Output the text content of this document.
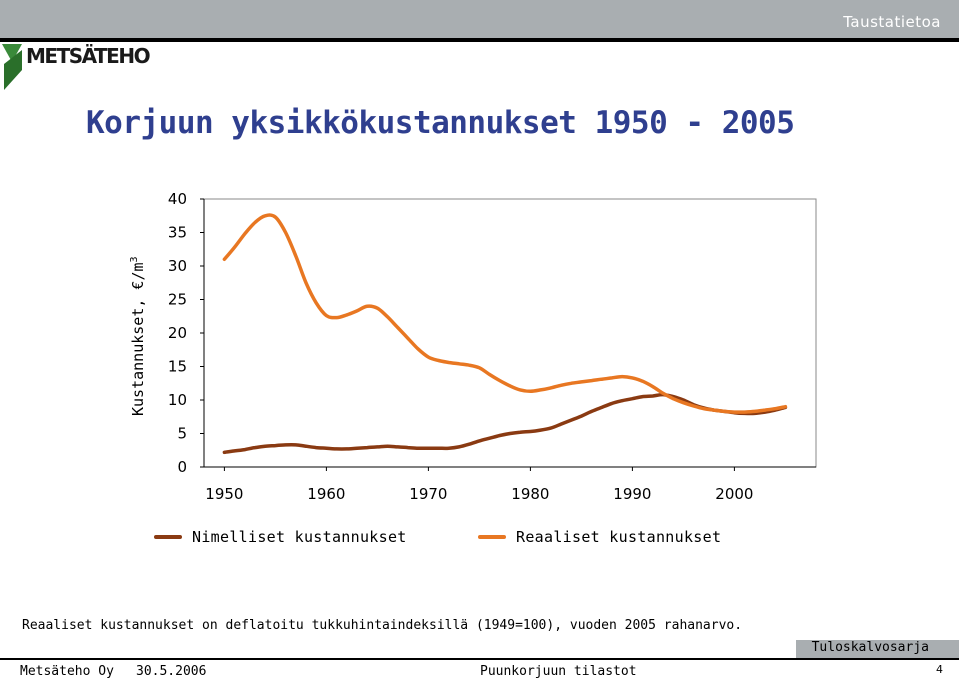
Taustatietoa
METSÄTEHO
Korjuun yksikkökustannukset 1950 - 2005
Kustannukset, $€/m^3$
0
5
10
15
20
25
30
35
40
1950	1960	1970	1980	1990	2000
Nimelliset kustannukset	Reaaliset kustannukset
Reaaliset kustannukset on deflatoitu tukkuhintaindeksillä (1949=100), vuoden 2005 rahanarvo.
Tuloskalvosarja
Metsäteho Oy 30.5.2006	Puunkorjuun tilastot	4
